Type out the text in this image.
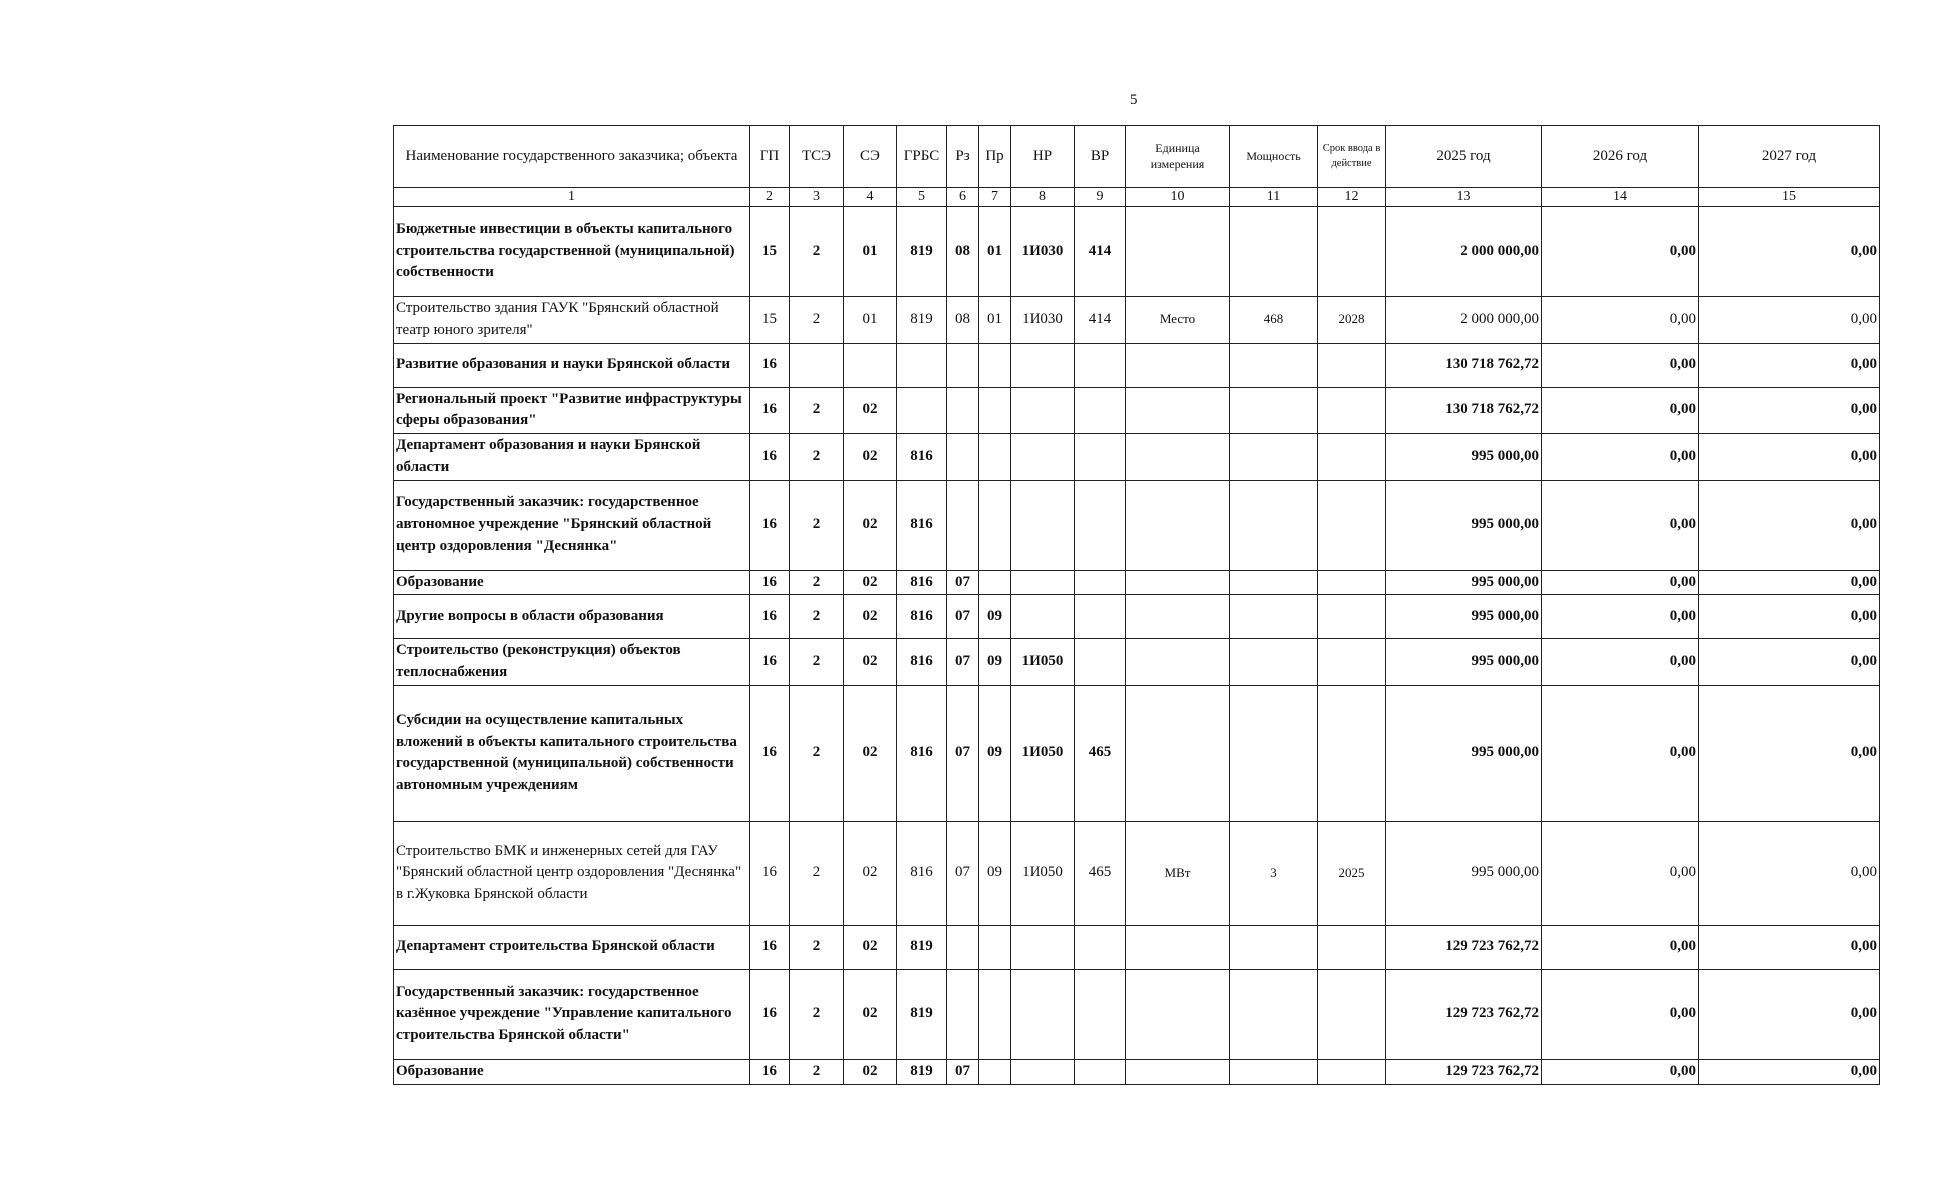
5
Наименование государственного заказчика; объекта	ГП	ТСЭ	СЭ	ГРБС	Рз	Пр	НР	ВР	Единица измерения	Мощность	Срок ввода в действие	2025 год	2026 год	2027 год
1	2	3	4	5	6	7	8	9	10	11	12	13	14	15
Бюджетные инвестиции в объекты капитального строительства государственной (муниципальной) собственности	15	2	01	819	08	01	1И030	414				2 000 000,00	0,00	0,00
Строительство здания ГАУК "Брянский областной театр юного зрителя"	15	2	01	819	08	01	1И030	414	Место	468	2028	2 000 000,00	0,00	0,00
Развитие образования и науки Брянской области	16											130 718 762,72	0,00	0,00
Региональный проект "Развитие инфраструктуры сферы образования"	16	2	02									130 718 762,72	0,00	0,00
Департамент образования и науки Брянской области	16	2	02	816								995 000,00	0,00	0,00
Государственный заказчик: государственное автономное учреждение "Брянский областной центр оздоровления "Деснянка"	16	2	02	816								995 000,00	0,00	0,00
Образование	16	2	02	816	07							995 000,00	0,00	0,00
Другие вопросы в области образования	16	2	02	816	07	09						995 000,00	0,00	0,00
Строительство (реконструкция) объектов теплоснабжения	16	2	02	816	07	09	1И050					995 000,00	0,00	0,00
Субсидии на осуществление капитальных вложений в объекты капитального строительства государственной (муниципальной) собственности автономным учреждениям	16	2	02	816	07	09	1И050	465				995 000,00	0,00	0,00
Строительство БМК и инженерных сетей для ГАУ "Брянский областной центр оздоровления "Деснянка" в г.Жуковка Брянской области	16	2	02	816	07	09	1И050	465	МВт	3	2025	995 000,00	0,00	0,00
Департамент строительства Брянской области	16	2	02	819								129 723 762,72	0,00	0,00
Государственный заказчик: государственное казённое учреждение "Управление капитального строительства Брянской области"	16	2	02	819								129 723 762,72	0,00	0,00
Образование	16	2	02	819	07							129 723 762,72	0,00	0,00
